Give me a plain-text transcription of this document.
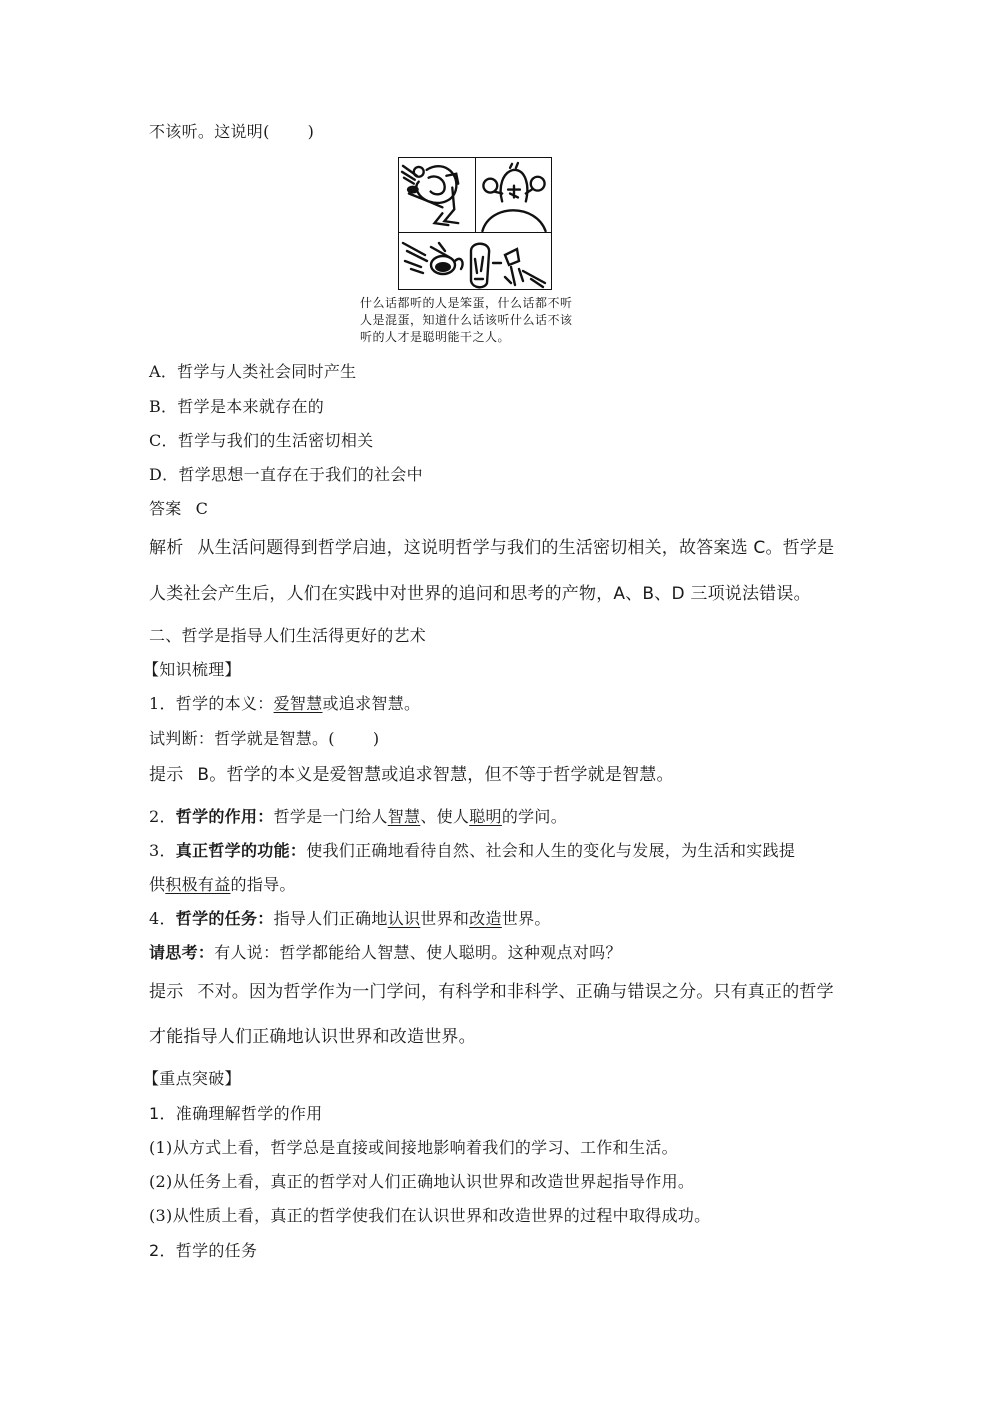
不该听。这说明( )
什么话都听的人是笨蛋，什么话都不听
人是混蛋，知道什么话该听什么话不该
听的人才是聪明能干之人。
A．哲学与人类社会同时产生
B．哲学是本来就存在的
C．哲学与我们的生活密切相关
D．哲学思想一直存在于我们的社会中
答案 C
解析 从生活问题得到哲学启迪，这说明哲学与我们的生活密切相关，故答案选 C。哲学是
人类社会产生后，人们在实践中对世界的追问和思考的产物，A、B、D 三项说法错误。
二、哲学是指导人们生活得更好的艺术
【知识梳理】
1．哲学的本义：爱智慧或追求智慧。
试判断：哲学就是智慧。( )
提示 B。哲学的本义是爱智慧或追求智慧，但不等于哲学就是智慧。
2．哲学的作用：哲学是一门给人智慧、使人聪明的学问。
3．真正哲学的功能：使我们正确地看待自然、社会和人生的变化与发展，为生活和实践提
供积极有益的指导。
4．哲学的任务：指导人们正确地认识世界和改造世界。
请思考：有人说：哲学都能给人智慧、使人聪明。这种观点对吗？
提示 不对。因为哲学作为一门学问，有科学和非科学、正确与错误之分。只有真正的哲学
才能指导人们正确地认识世界和改造世界。
【重点突破】
1．准确理解哲学的作用
(1)从方式上看，哲学总是直接或间接地影响着我们的学习、工作和生活。
(2)从任务上看，真正的哲学对人们正确地认识世界和改造世界起指导作用。
(3)从性质上看，真正的哲学使我们在认识世界和改造世界的过程中取得成功。
2．哲学的任务
